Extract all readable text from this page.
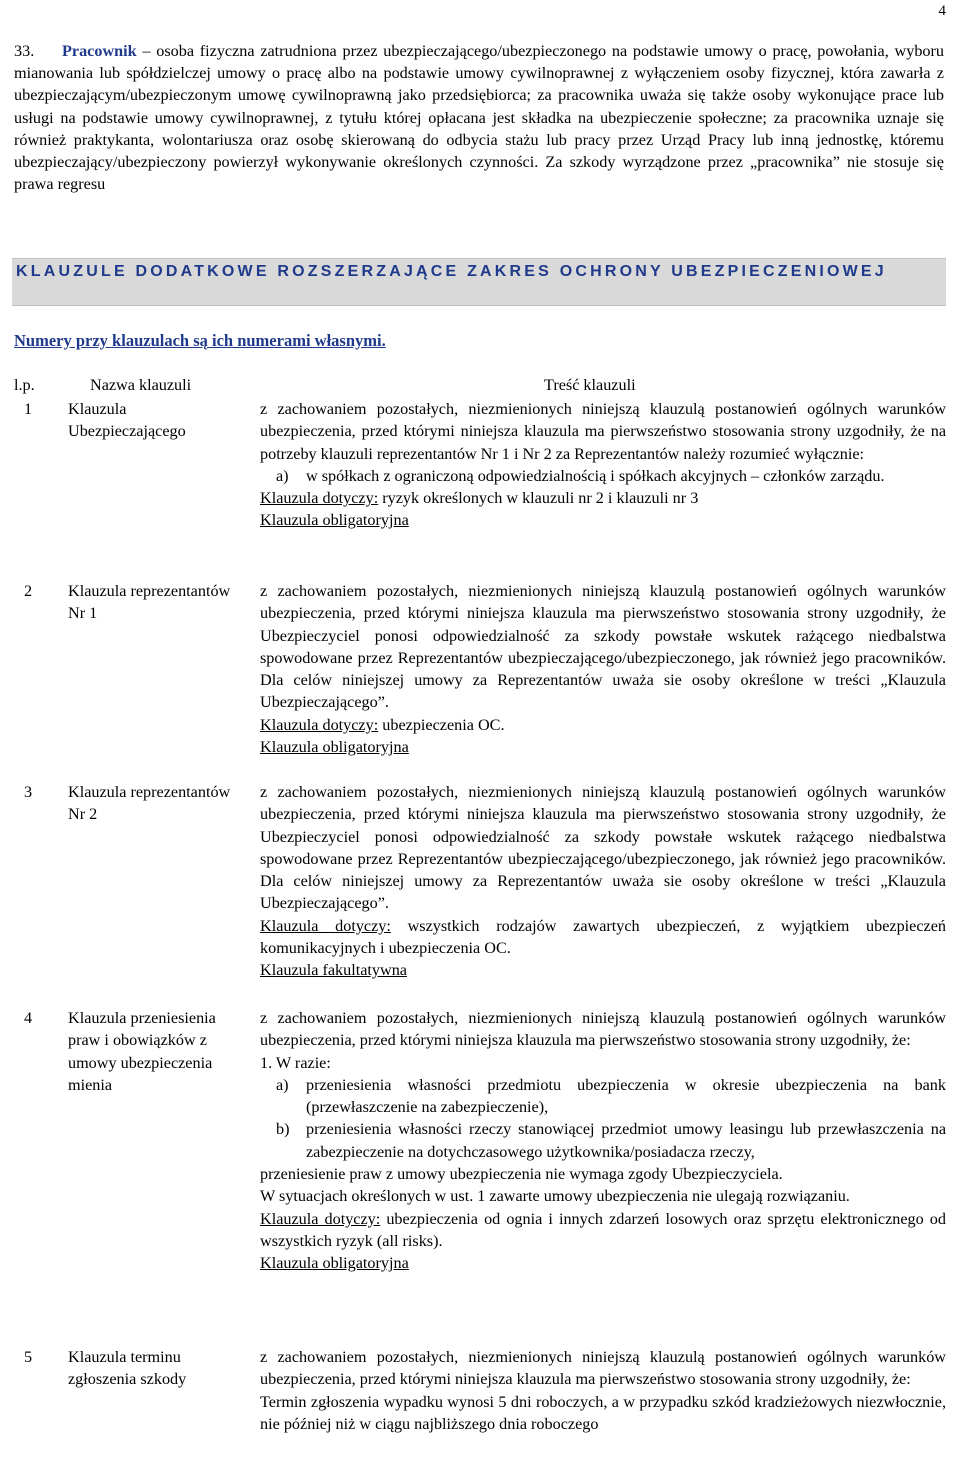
4
33. Pracownik – osoba fizyczna zatrudniona przez ubezpieczającego/ubezpieczonego na podstawie umowy o pracę, powołania, wyboru mianowania lub spółdzielczej umowy o pracę albo na podstawie umowy cywilnoprawnej z wyłączeniem osoby fizycznej, która zawarła z ubezpieczającym/ubezpieczonym umowę cywilnoprawną jako przedsiębiorca; za pracownika uważa się także osoby wykonujące prace lub usługi na podstawie umowy cywilnoprawnej, z tytułu której opłacana jest składka na ubezpieczenie społeczne; za pracownika uznaje się również praktykanta, wolontariusza oraz osobę skierowaną do odbycia stażu lub pracy przez Urząd Pracy lub inną jednostkę, któremu ubezpieczający/ubezpieczony powierzył wykonywanie określonych czynności. Za szkody wyrządzone przez „pracownika” nie stosuje się prawa regresu
KLAUZULE DODATKOWE ROZSZERZAJĄCE ZAKRES OCHRONY UBEZPIECZENIOWEJ
Numery przy klauzulach są ich numerami własnymi.
l.p.	Nazwa klauzuli	Treść klauzuli
1 Klauzula Ubezpieczającego

z zachowaniem pozostałych, niezmienionych niniejszą klauzulą postanowień ogólnych warunków ubezpieczenia, przed którymi niniejsza klauzula ma pierwszeństwo stosowania strony uzgodniły, że na potrzeby klauzuli reprezentantów Nr 1 i Nr 2 za Reprezentantów należy rozumieć wyłącznie:

a) w spółkach z ograniczoną odpowiedzialnością i spółkach akcyjnych – członków zarządu.

Klauzula dotyczy: ryzyk określonych w klauzuli nr 2 i klauzuli nr 3

Klauzula obligatoryjna

2 Klauzula reprezentantów Nr 1

z zachowaniem pozostałych, niezmienionych niniejszą klauzulą postanowień ogólnych warunków ubezpieczenia, przed którymi niniejsza klauzula ma pierwszeństwo stosowania strony uzgodniły, że Ubezpieczyciel ponosi odpowiedzialność za szkody powstałe wskutek rażącego niedbalstwa spowodowane przez Reprezentantów ubezpieczającego/ubezpieczonego, jak również jego pracowników. Dla celów niniejszej umowy za Reprezentantów uważa sie osoby określone w treści „Klauzula Ubezpieczającego”.

Klauzula dotyczy: ubezpieczenia OC.

Klauzula obligatoryjna

3 Klauzula reprezentantów Nr 2

z zachowaniem pozostałych, niezmienionych niniejszą klauzulą postanowień ogólnych warunków ubezpieczenia, przed którymi niniejsza klauzula ma pierwszeństwo stosowania strony uzgodniły, że Ubezpieczyciel ponosi odpowiedzialność za szkody powstałe wskutek rażącego niedbalstwa spowodowane przez Reprezentantów ubezpieczającego/ubezpieczonego, jak również jego pracowników. Dla celów niniejszej umowy za Reprezentantów uważa sie osoby określone w treści „Klauzula Ubezpieczającego”.

Klauzula dotyczy: wszystkich rodzajów zawartych ubezpieczeń, z wyjątkiem ubezpieczeń komunikacyjnych i ubezpieczenia OC.

Klauzula fakultatywna

4 Klauzula przeniesienia praw i obowiązków z umowy ubezpieczenia mienia

z zachowaniem pozostałych, niezmienionych niniejszą klauzulą postanowień ogólnych warunków ubezpieczenia, przed którymi niniejsza klauzula ma pierwszeństwo stosowania strony uzgodniły, że:

1. W razie:

a) przeniesienia własności przedmiotu ubezpieczenia w okresie ubezpieczenia na bank (przewłaszczenie na zabezpieczenie),

b) przeniesienia własności rzeczy stanowiącej przedmiot umowy leasingu lub przewłaszczenia na zabezpieczenie na dotychczasowego użytkownika/posiadacza rzeczy,

przeniesienie praw z umowy ubezpieczenia nie wymaga zgody Ubezpieczyciela.

W sytuacjach określonych w ust. 1 zawarte umowy ubezpieczenia nie ulegają rozwiązaniu.

Klauzula dotyczy: ubezpieczenia od ognia i innych zdarzeń losowych oraz sprzętu elektronicznego od wszystkich ryzyk (all risks).

Klauzula obligatoryjna

5 Klauzula terminu zgłoszenia szkody

z zachowaniem pozostałych, niezmienionych niniejszą klauzulą postanowień ogólnych warunków ubezpieczenia, przed którymi niniejsza klauzula ma pierwszeństwo stosowania strony uzgodniły, że:

Termin zgłoszenia wypadku wynosi 5 dni roboczych, a w przypadku szkód kradzieżowych niezwłocznie, nie później niż w ciągu najbliższego dnia roboczego
